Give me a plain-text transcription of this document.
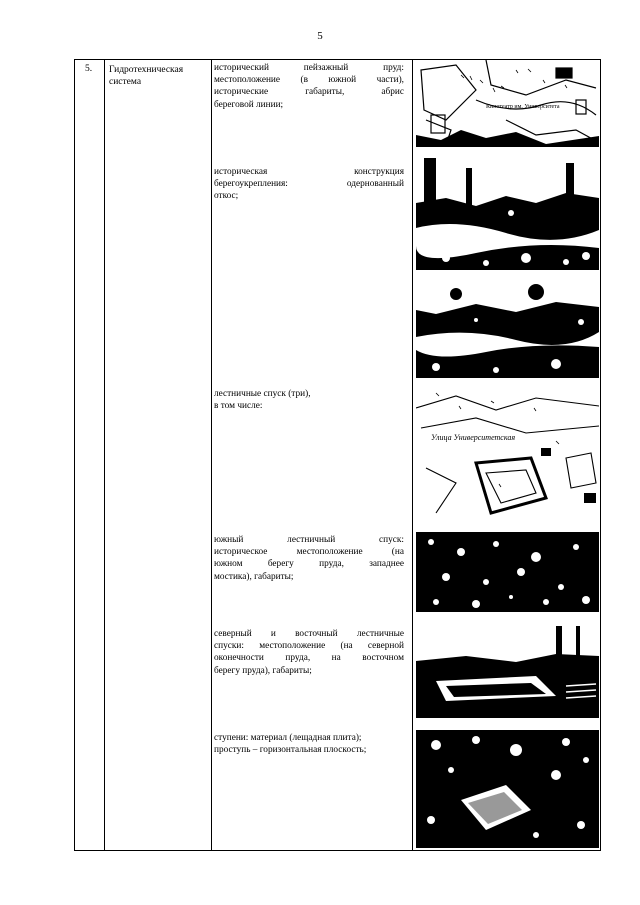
5
5. Гидротехническая система
исторический пейзажный пруд:
местоположение (в южной части),
исторические габариты, абрис
береговой линии;
историческая конструкция
берегоукрепления: одернованный
откос;
лестничные спуск (три),
в том числе:
южный лестничный спуск:
историческое местоположение (на
южном берегу пруда, западнее
мостика), габариты;
северный и восточный лестничные
спуски: местоположение (на северной
оконечности пруда, на восточном
берегу пруда), габариты;
ступени: материал (лещадная плита);
проступь – горизонтальная плоскость;
Кинотеатр им. Университета
Улица Университетская
